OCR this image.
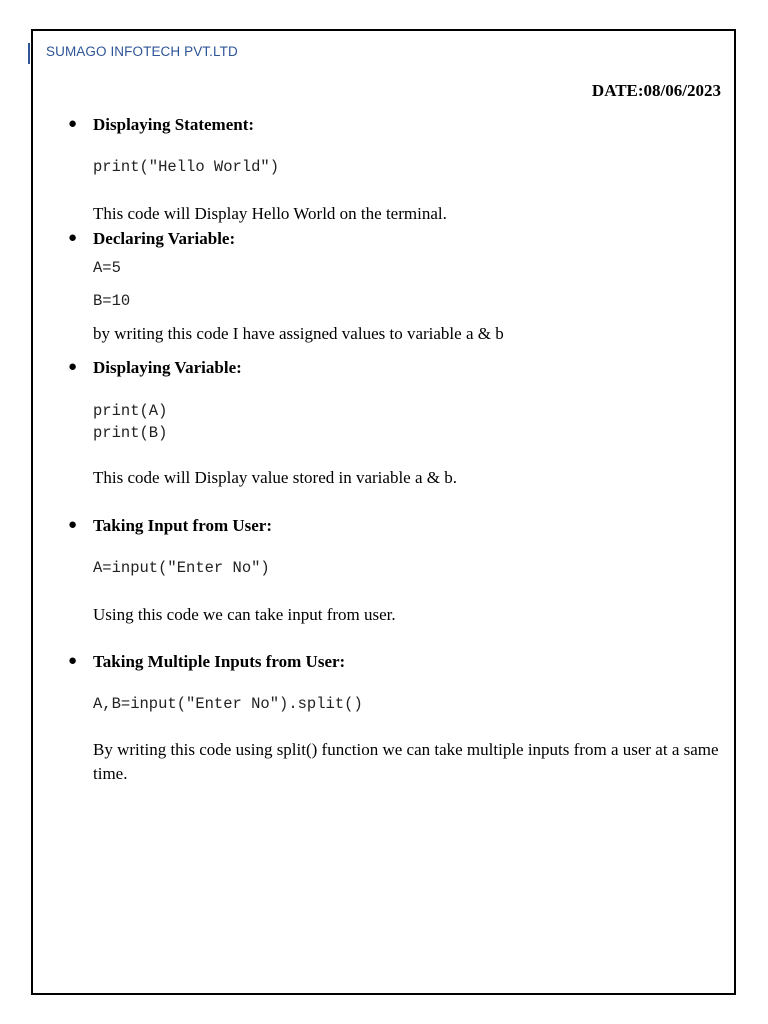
SUMAGO INFOTECH PVT.LTD
DATE:08/06/2023
● Displaying Statement:
print("Hello World")
This code will Display Hello World on the terminal.
● Declaring Variable:
A=5
B=10
by writing this code I have assigned values to variable a & b
● Displaying Variable:
print(A)
print(B)
This code will Display value stored in variable a & b.
● Taking Input from User:
A=input("Enter No")
Using this code we can take input from user.
● Taking Multiple Inputs from User:
A,B=input("Enter No").split()
By writing this code using split() function we can take multiple inputs from a user at a same time.
